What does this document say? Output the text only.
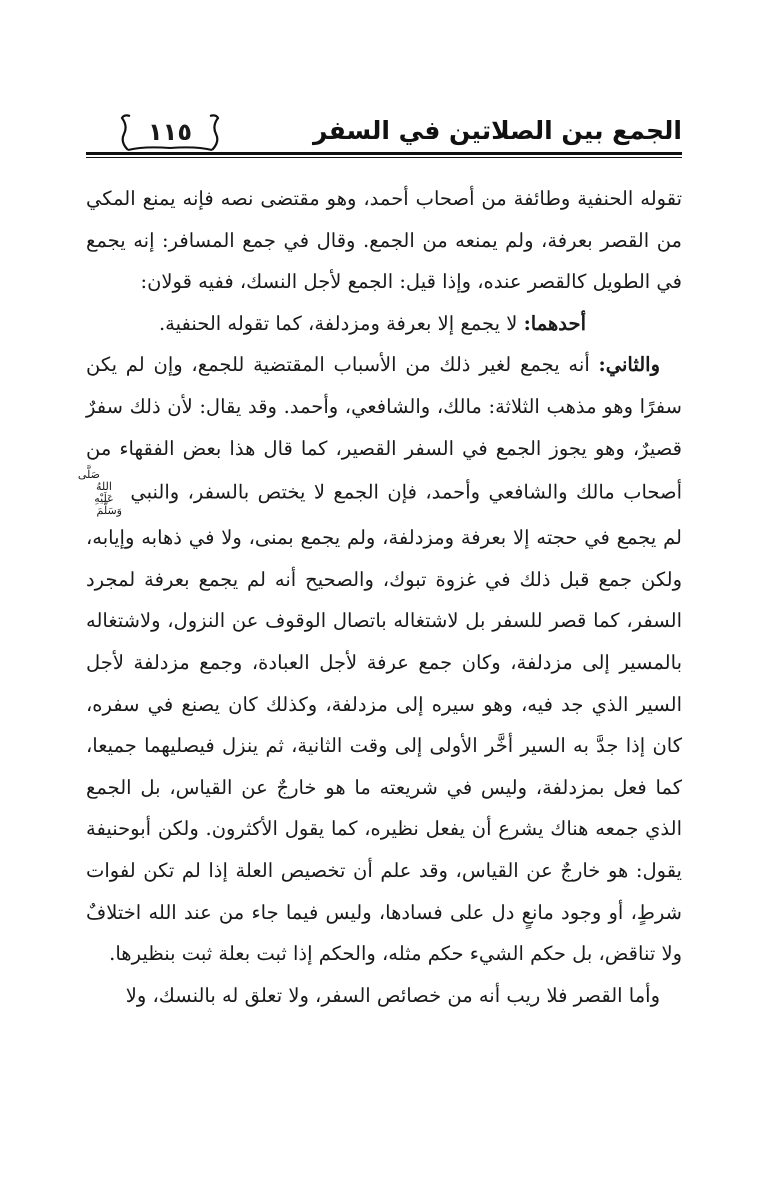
الجمع بين الصلاتين في السفر
١١٥

تقوله الحنفية وطائفة من أصحاب أحمد، وهو مقتضى نصه فإنه يمنع المكي من القصر بعرفة، ولم يمنعه من الجمع. وقال في جمع المسافر: إنه يجمع في الطويل كالقصر عنده، وإذا قيل: الجمع لأجل النسك، ففيه قولان:

أحدهما: لا يجمع إلا بعرفة ومزدلفة، كما تقوله الحنفية.

والثاني: أنه يجمع لغير ذلك من الأسباب المقتضية للجمع، وإن لم يكن سفرًا وهو مذهب الثلاثة: مالك، والشافعي، وأحمد. وقد يقال: لأن ذلك سفرٌ قصيرٌ، وهو يجوز الجمع في السفر القصير، كما قال هذا بعض الفقهاء من أصحاب مالك والشافعي وأحمد، فإن الجمع لا يختص بالسفر، والنبي صَلَّى اللهُ عَلَيْهِ وَسَلَّمَ لم يجمع في حجته إلا بعرفة ومزدلفة، ولم يجمع بمنى، ولا في ذهابه وإيابه، ولكن جمع قبل ذلك في غزوة تبوك، والصحيح أنه لم يجمع بعرفة لمجرد السفر، كما قصر للسفر بل لاشتغاله باتصال الوقوف عن النزول، ولاشتغاله بالمسير إلى مزدلفة، وكان جمع عرفة لأجل العبادة، وجمع مزدلفة لأجل السير الذي جد فيه، وهو سيره إلى مزدلفة، وكذلك كان يصنع في سفره، كان إذا جدَّ به السير أخَّر الأولى إلى وقت الثانية، ثم ينزل فيصليهما جميعا، كما فعل بمزدلفة، وليس في شريعته ما هو خارجٌ عن القياس، بل الجمع الذي جمعه هناك يشرع أن يفعل نظيره، كما يقول الأكثرون. ولكن أبوحنيفة يقول: هو خارجٌ عن القياس، وقد علم أن تخصيص العلة إذا لم تكن لفوات شرطٍ، أو وجود مانعٍ دل على فسادها، وليس فيما جاء من عند الله اختلافٌ ولا تناقض، بل حكم الشيء حكم مثله، والحكم إذا ثبت بعلة ثبت بنظيرها.

وأما القصر فلا ريب أنه من خصائص السفر، ولا تعلق له بالنسك، ولا
